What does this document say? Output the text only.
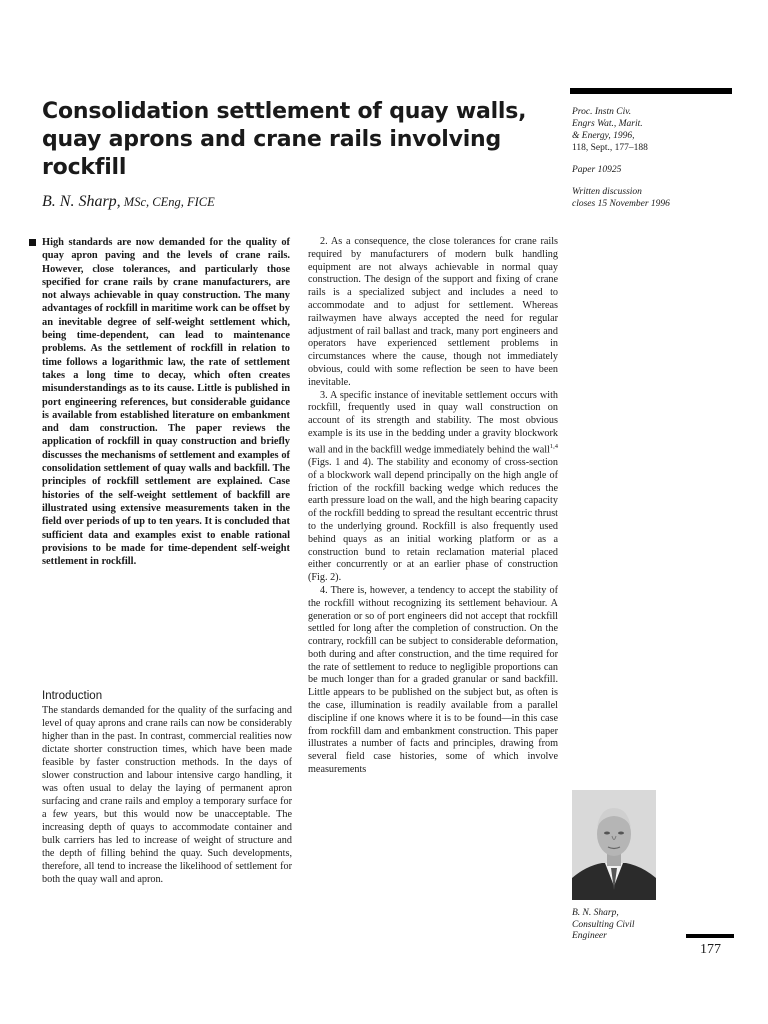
Consolidation settlement of quay walls, quay aprons and crane rails involving rockfill
B. N. Sharp, MSc, CEng, FICE
Proc. Instn Civ.
Engrs Wat., Marit.
& Energy, 1996,
118, Sept., 177–188
Paper 10925
Written discussion
closes 15 November 1996

High standards are now demanded for the quality of quay apron paving and the levels of crane rails. However, close tolerances, and particularly those specified for crane rails by crane manufacturers, are not always achievable in quay construction. The many advantages of rockfill in maritime work can be offset by an inevitable degree of self-weight settlement which, being time-dependent, can lead to maintenance problems. As the settlement of rockfill in relation to time follows a logarithmic law, the rate of settlement takes a long time to decay, which often creates misunderstandings as to its cause. Little is published in port engineering references, but considerable guidance is available from established literature on embankment and dam construction. The paper reviews the application of rockfill in quay construction and briefly discusses the mechanisms of settlement and examples of consolidation settlement of quay walls and backfill. The principles of rockfill settlement are explained. Case histories of the self-weight settlement of backfill are illustrated using extensive measurements taken in the field over periods of up to ten years. It is concluded that sufficient data and examples exist to enable rational provisions to be made for time-dependent self-weight settlement in rockfill.

Introduction

The standards demanded for the quality of the surfacing and level of quay aprons and crane rails can now be considerably higher than in the past. In contrast, commercial realities now dictate shorter construction times, which have been made feasible by faster construction methods. In the days of slower construction and labour intensive cargo handling, it was often usual to delay the laying of permanent apron surfacing and crane rails and employ a temporary surface for a few years, but this would now be unacceptable. The increasing depth of quays to accommodate container and bulk carriers has led to increase of weight of structure and the depth of filling behind the quay. Such developments, therefore, all tend to increase the likelihood of settlement for both the quay wall and apron.

2. As a consequence, the close tolerances for crane rails required by manufacturers of modern bulk handling equipment are not always achievable in normal quay construction. The design of the support and fixing of crane rails is a specialized subject and includes a need to accommodate and to adjust for settlement. Whereas railwaymen have always accepted the need for regular adjustment of rail ballast and track, many port engineers and operators have experienced settlement problems in circumstances where the cause, though not immediately obvious, could with some reflection be seen to have been inevitable.

3. A specific instance of inevitable settlement occurs with rockfill, frequently used in quay wall construction on account of its strength and stability. The most obvious example is its use in the bedding under a gravity blockwork wall and in the backfill wedge immediately behind the wall$^{1,4}$ (Figs. 1 and 4). The stability and economy of cross-section of a blockwork wall depend principally on the high angle of friction of the rockfill backing wedge which reduces the earth pressure load on the wall, and the high bearing capacity of the rockfill bedding to spread the resultant eccentric thrust to the underlying ground. Rockfill is also frequently used behind quays as an initial working platform or as a construction bund to retain reclamation material placed either concurrently or at an earlier phase of construction (Fig. 2).

4. There is, however, a tendency to accept the stability of the rockfill without recognizing its settlement behaviour. A generation or so of port engineers did not accept that rockfill settled for long after the completion of construction. On the contrary, rockfill can be subject to considerable deformation, both during and after construction, and the time required for the rate of settlement to reduce to negligible proportions can be much longer than for a graded granular or sand backfill. Little appears to be published on the subject but, as often is the case, illumination is readily available from a parallel discipline if one knows where it is to be found—in this case from rockfill dam and embankment construction. This paper illustrates a number of facts and principles, drawing from several field case histories, some of which involve measurements

B. N. Sharp,
Consulting Civil
Engineer
177
